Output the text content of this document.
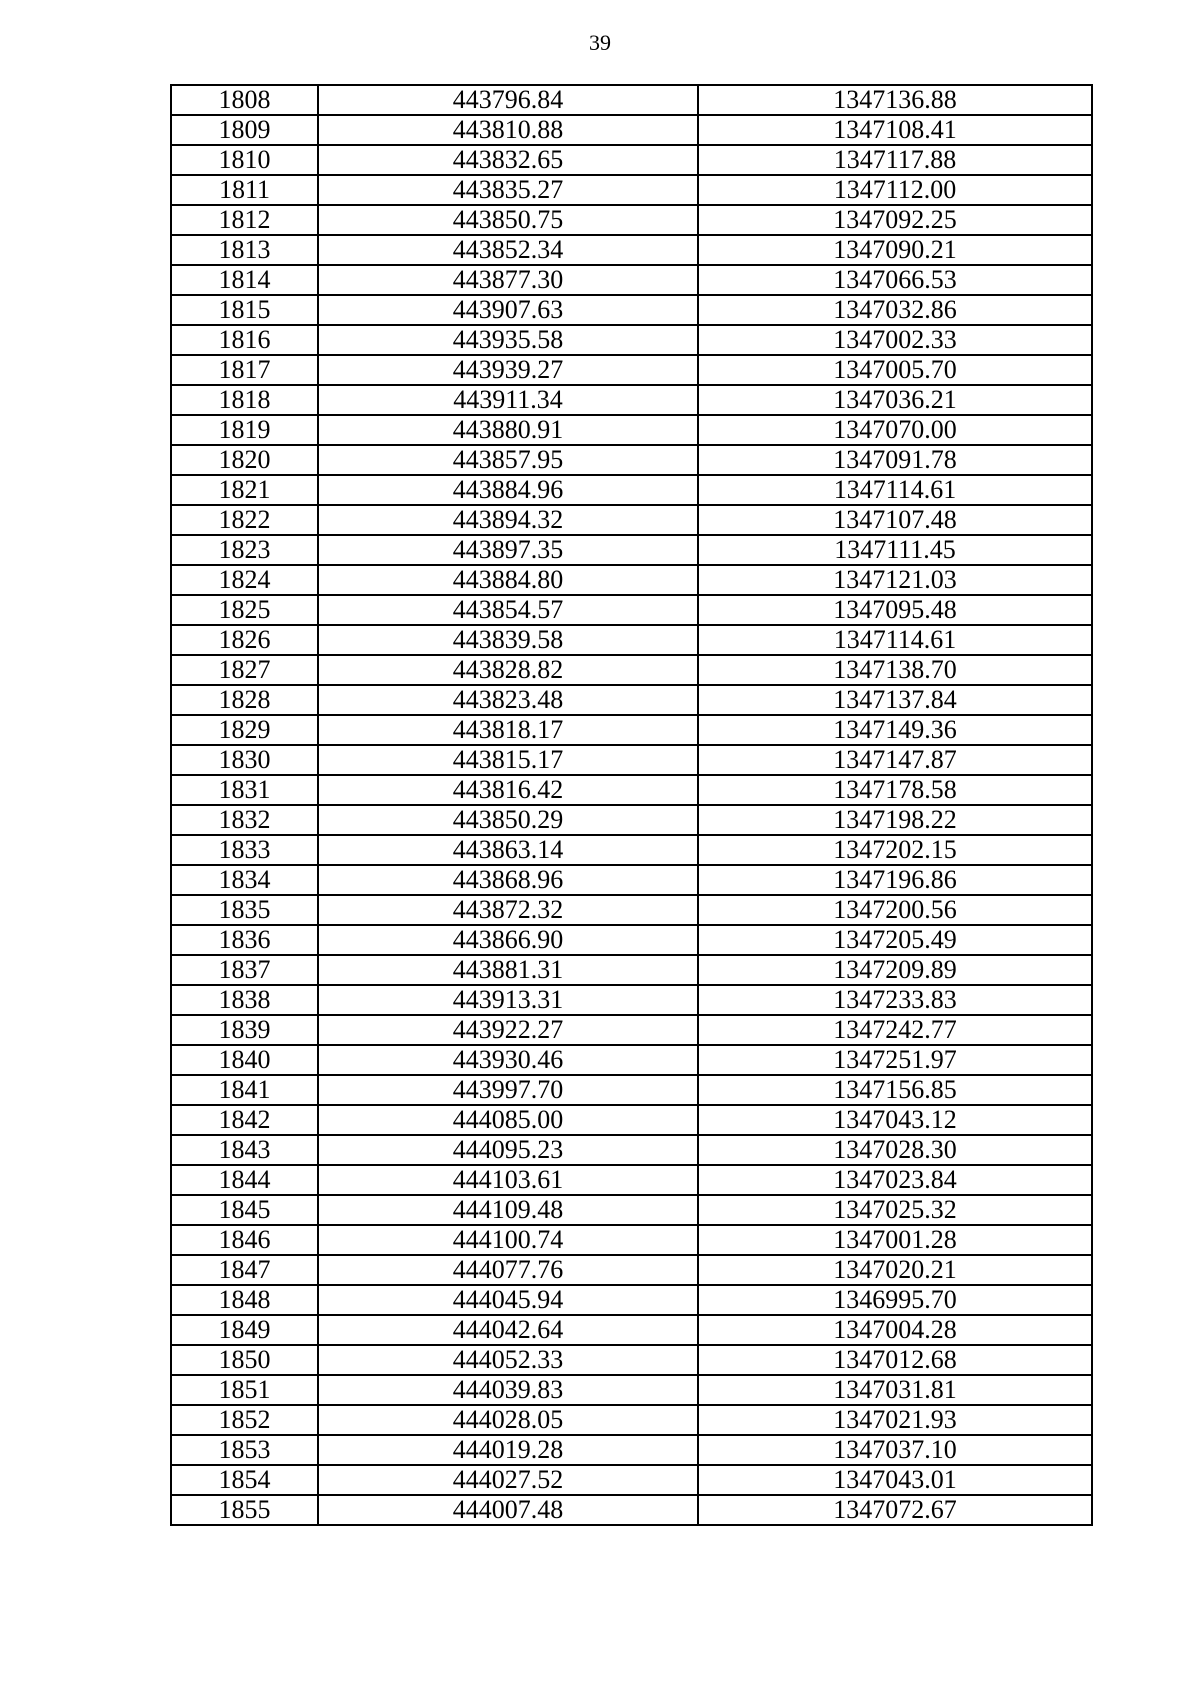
39
1808	443796.84	1347136.88
1809	443810.88	1347108.41
1810	443832.65	1347117.88
1811	443835.27	1347112.00
1812	443850.75	1347092.25
1813	443852.34	1347090.21
1814	443877.30	1347066.53
1815	443907.63	1347032.86
1816	443935.58	1347002.33
1817	443939.27	1347005.70
1818	443911.34	1347036.21
1819	443880.91	1347070.00
1820	443857.95	1347091.78
1821	443884.96	1347114.61
1822	443894.32	1347107.48
1823	443897.35	1347111.45
1824	443884.80	1347121.03
1825	443854.57	1347095.48
1826	443839.58	1347114.61
1827	443828.82	1347138.70
1828	443823.48	1347137.84
1829	443818.17	1347149.36
1830	443815.17	1347147.87
1831	443816.42	1347178.58
1832	443850.29	1347198.22
1833	443863.14	1347202.15
1834	443868.96	1347196.86
1835	443872.32	1347200.56
1836	443866.90	1347205.49
1837	443881.31	1347209.89
1838	443913.31	1347233.83
1839	443922.27	1347242.77
1840	443930.46	1347251.97
1841	443997.70	1347156.85
1842	444085.00	1347043.12
1843	444095.23	1347028.30
1844	444103.61	1347023.84
1845	444109.48	1347025.32
1846	444100.74	1347001.28
1847	444077.76	1347020.21
1848	444045.94	1346995.70
1849	444042.64	1347004.28
1850	444052.33	1347012.68
1851	444039.83	1347031.81
1852	444028.05	1347021.93
1853	444019.28	1347037.10
1854	444027.52	1347043.01
1855	444007.48	1347072.67
